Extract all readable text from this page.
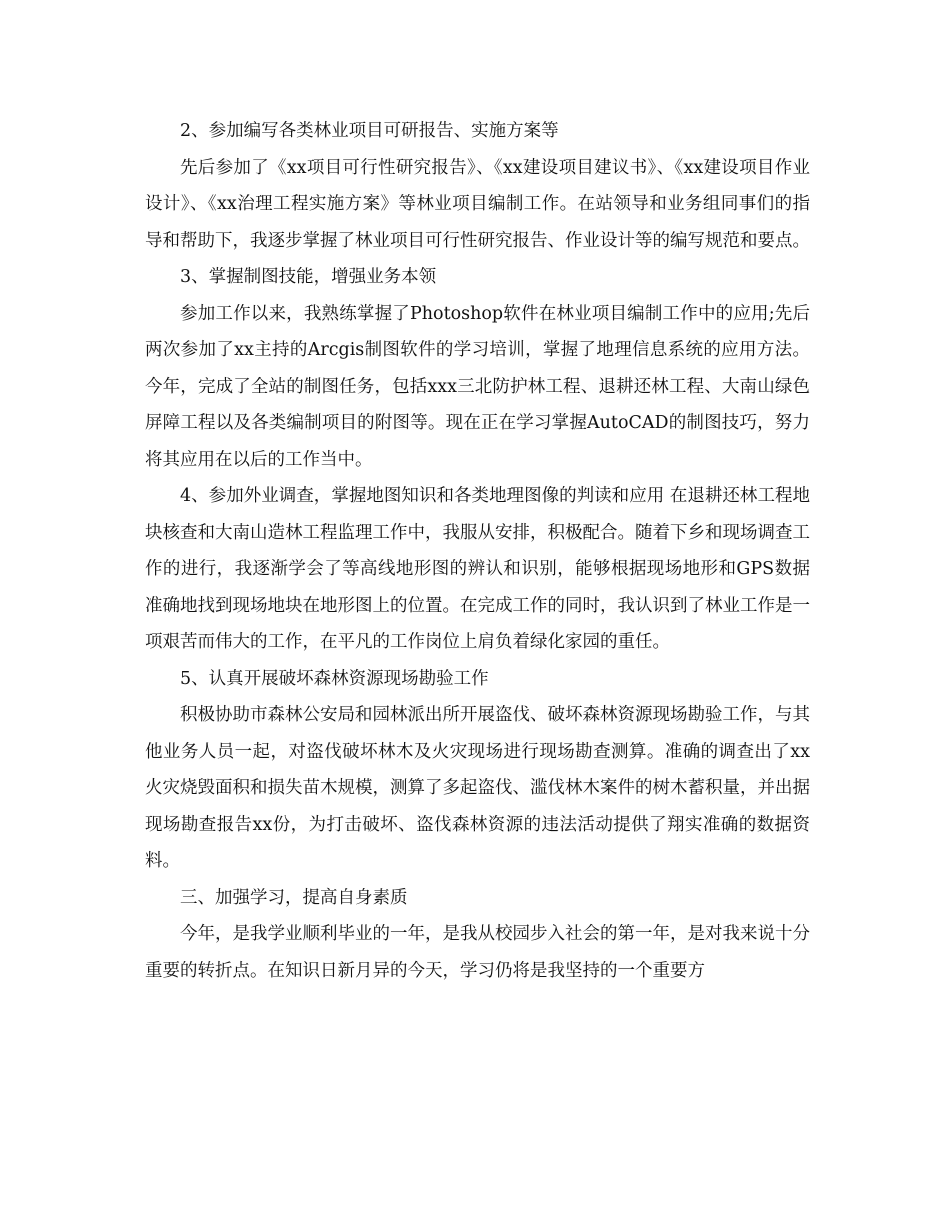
2、参加编写各类林业项目可研报告、实施方案等

先后参加了《xx项目可行性研究报告》、《xx建设项目建议书》、《xx建设项目作业设计》、《xx治理工程实施方案》等林业项目编制工作。在站领导和业务组同事们的指导和帮助下，我逐步掌握了林业项目可行性研究报告、作业设计等的编写规范和要点。

3、掌握制图技能，增强业务本领

参加工作以来，我熟练掌握了Photoshop软件在林业项目编制工作中的应用;先后两次参加了xx主持的Arcgis制图软件的学习培训，掌握了地理信息系统的应用方法。今年，完成了全站的制图任务，包括xxx三北防护林工程、退耕还林工程、大南山绿色屏障工程以及各类编制项目的附图等。现在正在学习掌握AutoCAD的制图技巧，努力将其应用在以后的工作当中。

4、参加外业调查，掌握地图知识和各类地理图像的判读和应用 在退耕还林工程地块核查和大南山造林工程监理工作中，我服从安排，积极配合。随着下乡和现场调查工作的进行，我逐渐学会了等高线地形图的辨认和识别，能够根据现场地形和GPS数据准确地找到现场地块在地形图上的位置。在完成工作的同时，我认识到了林业工作是一项艰苦而伟大的工作，在平凡的工作岗位上肩负着绿化家园的重任。

5、认真开展破坏森林资源现场勘验工作

积极协助市森林公安局和园林派出所开展盗伐、破坏森林资源现场勘验工作，与其他业务人员一起，对盗伐破坏林木及火灾现场进行现场勘查测算。准确的调查出了xx火灾烧毁面积和损失苗木规模，测算了多起盗伐、滥伐林木案件的树木蓄积量，并出据现场勘查报告xx份，为打击破坏、盗伐森林资源的违法活动提供了翔实准确的数据资料。

三、加强学习，提高自身素质

今年，是我学业顺利毕业的一年，是我从校园步入社会的第一年，是对我来说十分重要的转折点。在知识日新月异的今天，学习仍将是我坚持的一个重要方
